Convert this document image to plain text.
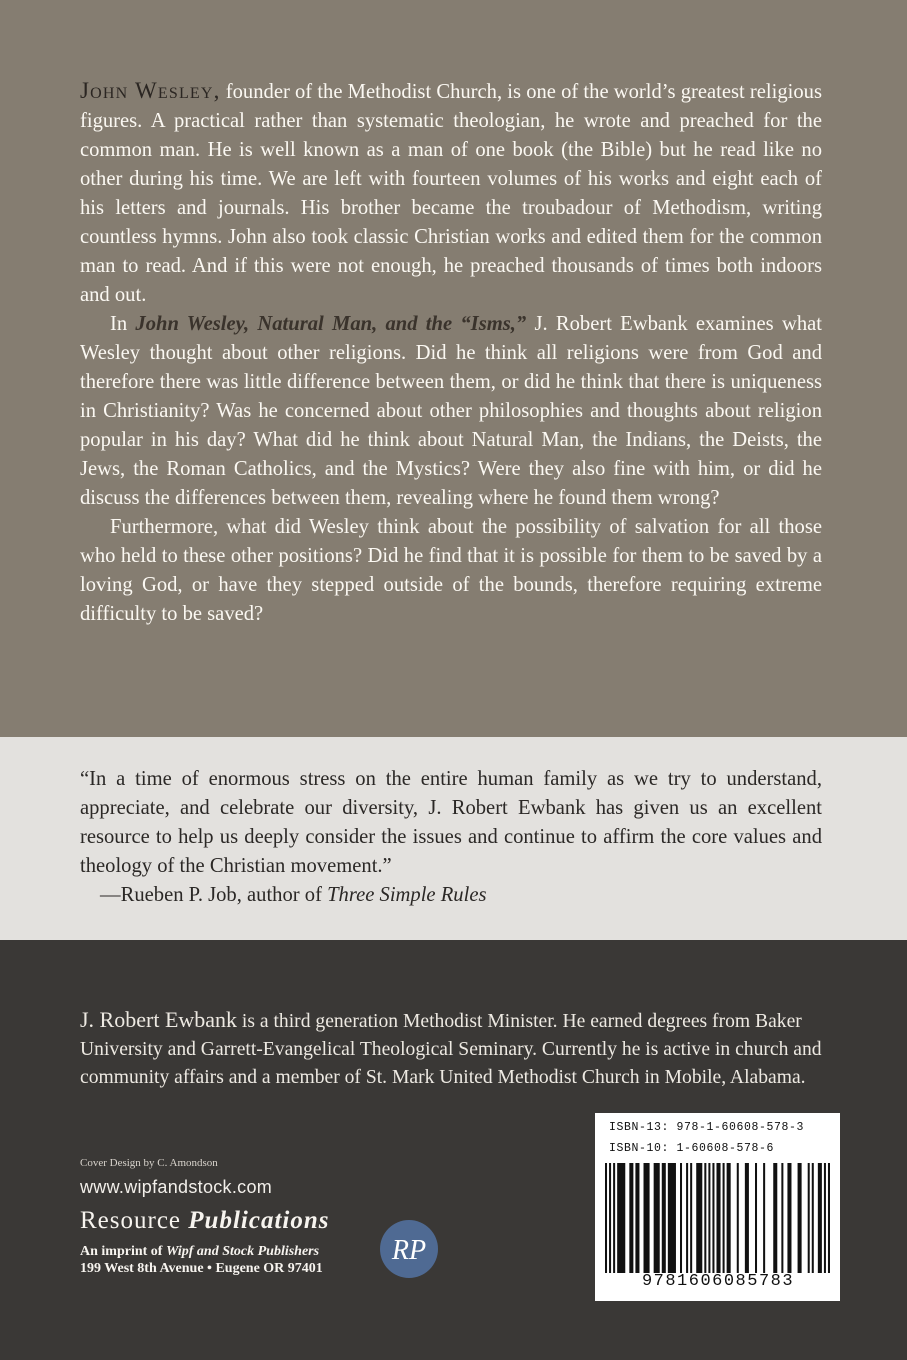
John Wesley, founder of the Methodist Church, is one of the world’s greatest religious figures. A practical rather than systematic theologian, he wrote and preached for the common man. He is well known as a man of one book (the Bible) but he read like no other during his time. We are left with fourteen volumes of his works and eight each of his letters and journals. His brother became the troubadour of Methodism, writing countless hymns. John also took classic Christian works and edited them for the common man to read. And if this were not enough, he preached thousands of times both indoors and out.

In John Wesley, Natural Man, and the “Isms,” J. Robert Ewbank examines what Wesley thought about other religions. Did he think all religions were from God and therefore there was little difference between them, or did he think that there is uniqueness in Christianity? Was he concerned about other philosophies and thoughts about religion popular in his day? What did he think about Natural Man, the Indians, the Deists, the Jews, the Roman Catholics, and the Mystics? Were they also fine with him, or did he discuss the differences between them, revealing where he found them wrong?

Furthermore, what did Wesley think about the possibility of salvation for all those who held to these other positions? Did he find that it is possible for them to be saved by a loving God, or have they stepped outside of the bounds, therefore requiring extreme difficulty to be saved?

“In a time of enormous stress on the entire human family as we try to understand, appreciate, and celebrate our diversity, J. Robert Ewbank has given us an excellent resource to help us deeply consider the issues and continue to affirm the core values and theology of the Christian movement.”

—Rueben P. Job, author of Three Simple Rules

J. Robert Ewbank is a third generation Methodist Minister. He earned degrees from Baker University and Garrett-Evangelical Theological Seminary. Currently he is active in church and community affairs and a member of St. Mark United Methodist Church in Mobile, Alabama.

Cover Design by C. Amondson
www.wipfandstock.com
Resource Publications
An imprint of Wipf and Stock Publishers
199 West 8th Avenue • Eugene OR 97401
RP
ISBN-13: 978-1-60608-578-3
ISBN-10: 1-60608-578-6
9781606085783
